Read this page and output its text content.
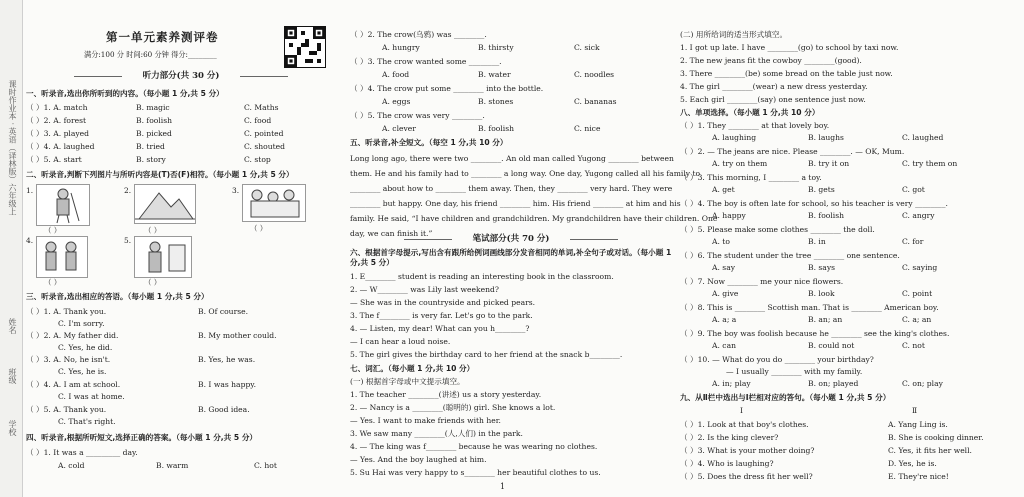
课时作业本 · 英语（译林版）六年级上
姓名
班级
学校
第一单元素养测评卷
满分:100 分 时间:60 分钟 得分:________
听力部分(共 30 分)
一、听录音,选出你所听到的内容。（每小题 1 分,共 5 分）
（ ）1. A. match	B. magic	C. Maths
（ ）2. A. forest	B. foolish	C. food
（ ）3. A. played	B. picked	C. pointed
（ ）4. A. laughed	B. tried	C. shouted
（ ）5. A. start	B. story	C. stop
二、听录音,判断下列图片与所听内容是(T)否(F)相符。（每小题 1 分,共 5 分）
1.
（ ）
2.
（ ）
3.
（ ）
4.
（ ）
5.
（ ）
三、听录音,选出相应的答语。（每小题 1 分,共 5 分）
（ ）1. A. Thank you.	B. Of course.
C. I'm sorry.
（ ）2. A. My father did.	B. My mother could.
C. Yes, he did.
（ ）3. A. No, he isn't.	B. Yes, he was.
C. Yes, he is.
（ ）4. A. I am at school.	B. I was happy.
C. I was at home.
（ ）5. A. Thank you.	B. Good idea.
C. That's right.
四、听录音,根据所听短文,选择正确的答案。（每小题 1 分,共 5 分）
（ ）1. It was a _________ day.
A. cold	B. warm	C. hot
（ ）2. The crow(乌鸦) was ________.
A. hungry	B. thirsty	C. sick
（ ）3. The crow wanted some ________.
A. food	B. water	C. noodles
（ ）4. The crow put some ________ into the bottle.
A. eggs	B. stones	C. bananas
（ ）5. The crow was very ________.
A. clever	B. foolish	C. nice
五、听录音,补全短文。（每空 1 分,共 10 分）
Long long ago, there were two ________. An old man called Yugong ________ between
them. He and his family had to ________ a long way. One day, Yugong called all his family to
________ about how to ________ them away. Then, they ________ very hard. They were
________ but happy. One day, his friend ________ him. His friend ________ at him and his
family. He said, “I have children and grandchildren. My grandchildren have their children. One
day, we can finish it.”
笔试部分(共 70 分)
六、根据首字母提示,写出含有跟所给例词画线部分发音相同的单词,补全句子或对话。（每小题 1 分,共 5 分）
1. E________ student is reading an interesting book in the classroom.
2. — W________ was Lily last weekend?
— She was in the countryside and picked pears.
3. The f________ is very far. Let's go to the park.
4. — Listen, my dear! What can you h________?
— I can hear a loud noise.
5. The girl gives the birthday card to her friend at the snack b________.
七、词汇。（每小题 1 分,共 10 分）
(一) 根据首字母或中文提示填空。
1. The teacher ________(讲述) us a story yesterday.
2. — Nancy is a ________(聪明的) girl. She knows a lot.
— Yes. I want to make friends with her.
3. We saw many ________(人,人们) in the park.
4. — The king was f________ because he was wearing no clothes.
— Yes. And the boy laughed at him.
5. Su Hai was very happy to s________ her beautiful clothes to us.
(二) 用所给词的适当形式填空。
1. I got up late. I have ________(go) to school by taxi now.
2. The new jeans fit the cowboy ________(good).
3. There ________(be) some bread on the table just now.
4. The girl ________(wear) a new dress yesterday.
5. Each girl ________(say) one sentence just now.
八、单项选择。（每小题 1 分,共 10 分）
（ ）1. They ________ at that lovely boy.
A. laughing	B. laughs	C. laughed
（ ）2. — The jeans are nice. Please ________. — OK, Mum.
A. try on them	B. try it on	C. try them on
（ ）3. This morning, I ________ a toy.
A. get	B. gets	C. got
（ ）4. The boy is often late for school, so his teacher is very ________.
A. happy	B. foolish	C. angry
（ ）5. Please make some clothes ________ the doll.
A. to	B. in	C. for
（ ）6. The student under the tree ________ one sentence.
A. say	B. says	C. saying
（ ）7. Now ________ me your nice flowers.
A. give	B. look	C. point
（ ）8. This is ________ Scottish man. That is ________ American boy.
A. a; a	B. an; an	C. a; an
（ ）9. The boy was foolish because he ________ see the king's clothes.
A. can	B. could not	C. not
（ ）10. — What do you do ________ your birthday?
— I usually ________ with my family.
A. in; play	B. on; played	C. on; play
九、从Ⅱ栏中选出与Ⅰ栏相对应的答句。（每小题 1 分,共 5 分）
Ⅰ	Ⅱ
（ ）1. Look at that boy's clothes.	A. Yang Ling is.
（ ）2. Is the king clever?	B. She is cooking dinner.
（ ）3. What is your mother doing?	C. Yes, it fits her well.
（ ）4. Who is laughing?	D. Yes, he is.
（ ）5. Does the dress fit her well?	E. They're nice!
1
